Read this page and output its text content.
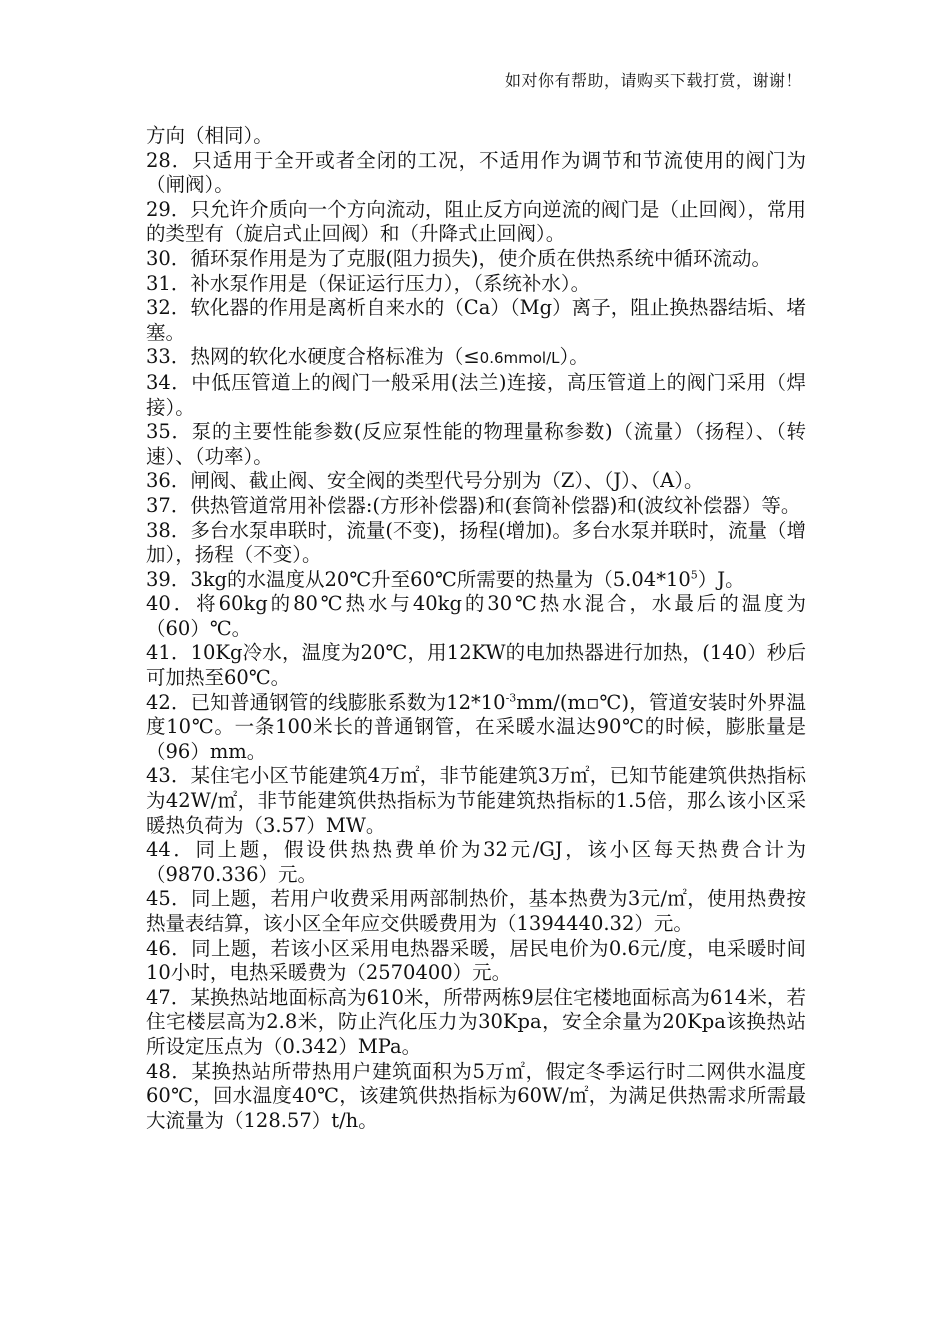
如对你有帮助，请购买下载打赏，谢谢！

方向（相同）。

28．只适用于全开或者全闭的工况，不适用作为调节和节流使用的阀门为（闸阀）。

29．只允许介质向一个方向流动，阻止反方向逆流的阀门是（止回阀），常用的类型有（旋启式止回阀）和（升降式止回阀）。

30．循环泵作用是为了克服(阻力损失)，使介质在供热系统中循环流动。

31．补水泵作用是（保证运行压力），（系统补水）。

32．软化器的作用是离析自来水的（Ca）（Mg）离子，阻止换热器结垢、堵塞。

33．热网的软化水硬度合格标准为（≤0.6mmol/L）。

34．中低压管道上的阀门一般采用(法兰)连接，高压管道上的阀门采用（焊接）。

35．泵的主要性能参数(反应泵性能的物理量称参数)（流量）（扬程）、（转速）、（功率）。

36．闸阀、截止阀、安全阀的类型代号分别为（Z）、（J）、（A）。

37．供热管道常用补偿器:(方形补偿器)和(套筒补偿器)和(波纹补偿器）等。

38．多台水泵串联时，流量(不变)，扬程(增加)。多台水泵并联时，流量（增加），扬程（不变）。

39．3kg的水温度从20℃升至60℃所需要的热量为$(5.04*10^5)J$。

40．将60kg的80℃热水与40kg的30℃热水混合，水最后的温度为（60）℃。

41．10Kg冷水，温度为20℃，用12KW的电加热器进行加热，(140）秒后可加热至60℃。

42．已知普通钢管的线膨胀系数为$12*10^{-3}mm/(m▫℃)$，管道安装时外界温度10℃。一条100米长的普通钢管，在采暖水温达90℃的时候，膨胀量是（96）mm。

43．某住宅小区节能建筑4万㎡，非节能建筑3万㎡，已知节能建筑供热指标为42W/㎡，非节能建筑供热指标为节能建筑热指标的1.5倍，那么该小区采暖热负荷为（3.57）MW。

44．同上题，假设供热热费单价为32元/GJ，该小区每天热费合计为（9870.336）元。

45．同上题，若用户收费采用两部制热价，基本热费为3元/㎡，使用热费按热量表结算，该小区全年应交供暖费用为（1394440.32）元。

46．同上题，若该小区采用电热器采暖，居民电价为0.6元/度，电采暖时间10小时，电热采暖费为（2570400）元。

47．某换热站地面标高为610米，所带两栋9层住宅楼地面标高为614米，若住宅楼层高为2.8米，防止汽化压力为30Kpa，安全余量为20Kpa该换热站所设定压点为（0.342）MPa。

48．某换热站所带热用户建筑面积为5万㎡，假定冬季运行时二网供水温度60℃，回水温度40℃，该建筑供热指标为60W/㎡，为满足供热需求所需最大流量为（128.57）t/h。
